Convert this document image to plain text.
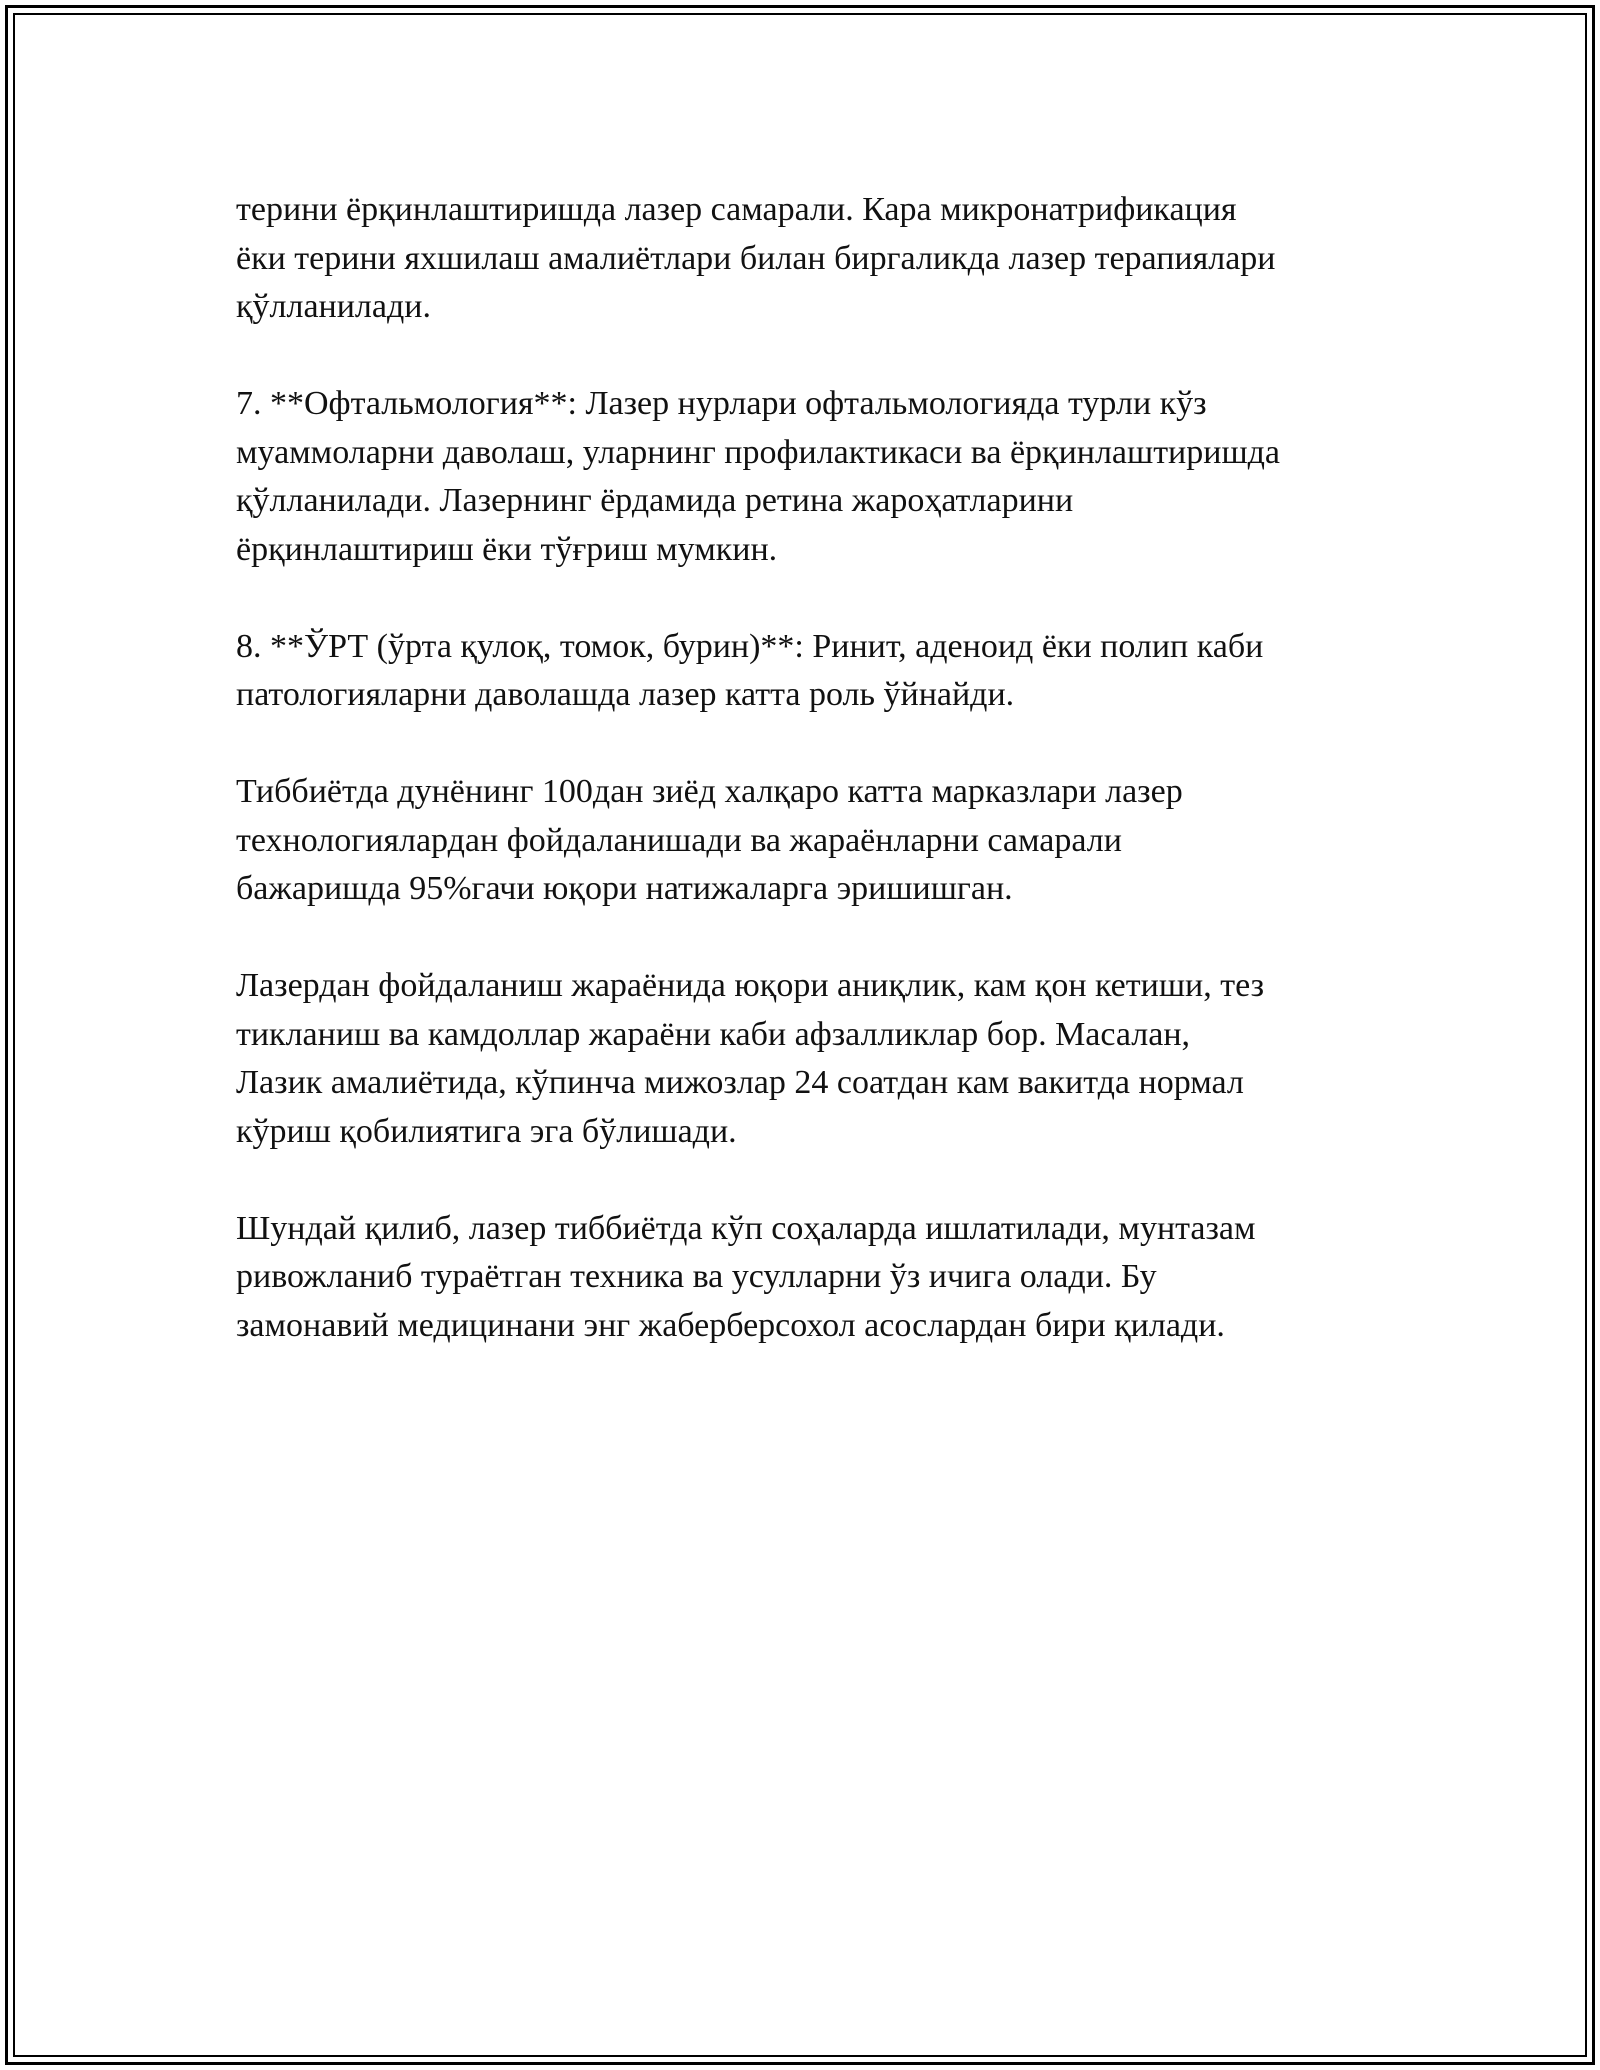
терини ёрқинлаштиришда лазер самарали. Кара микронатрификация
ёки терини яхшилаш амалиётлари билан биргаликда лазер терапиялари
қўлланилади.

7. **Офтальмология**: Лазер нурлари офтальмологияда турли кўз
муаммоларни даволаш, уларнинг профилактикаси ва ёрқинлаштиришда
қўлланилади. Лазернинг ёрдамида ретина жароҳатларини
ёрқинлаштириш ёки тўғриш мумкин.

8. **ЎРТ (ўрта қулоқ, томок, бурин)**: Ринит, аденоид ёки полип каби
патологияларни даволашда лазер катта роль ўйнайди.

Тиббиётда дунёнинг 100дан зиёд халқаро катта марказлари лазер
технологиялардан фойдаланишади ва жараёнларни самарали
бажаришда 95%гачи юқори натижаларга эришишган.

Лазердан фойдаланиш жараёнида юқори аниқлик, кам қон кетиши, тез
тикланиш ва камдоллар жараёни каби афзалликлар бор. Масалан,
Лазик амалиётида, кўпинча мижозлар 24 соатдан кам вакитда нормал
кўриш қобилиятига эга бўлишади.

Шундай қилиб, лазер тиббиётда кўп соҳаларда ишлатилади, мунтазам
ривожланиб тураётган техника ва усулларни ўз ичига олади. Бу
замонавий медицинани энг жаберберсохол асослардан бири қилади.
